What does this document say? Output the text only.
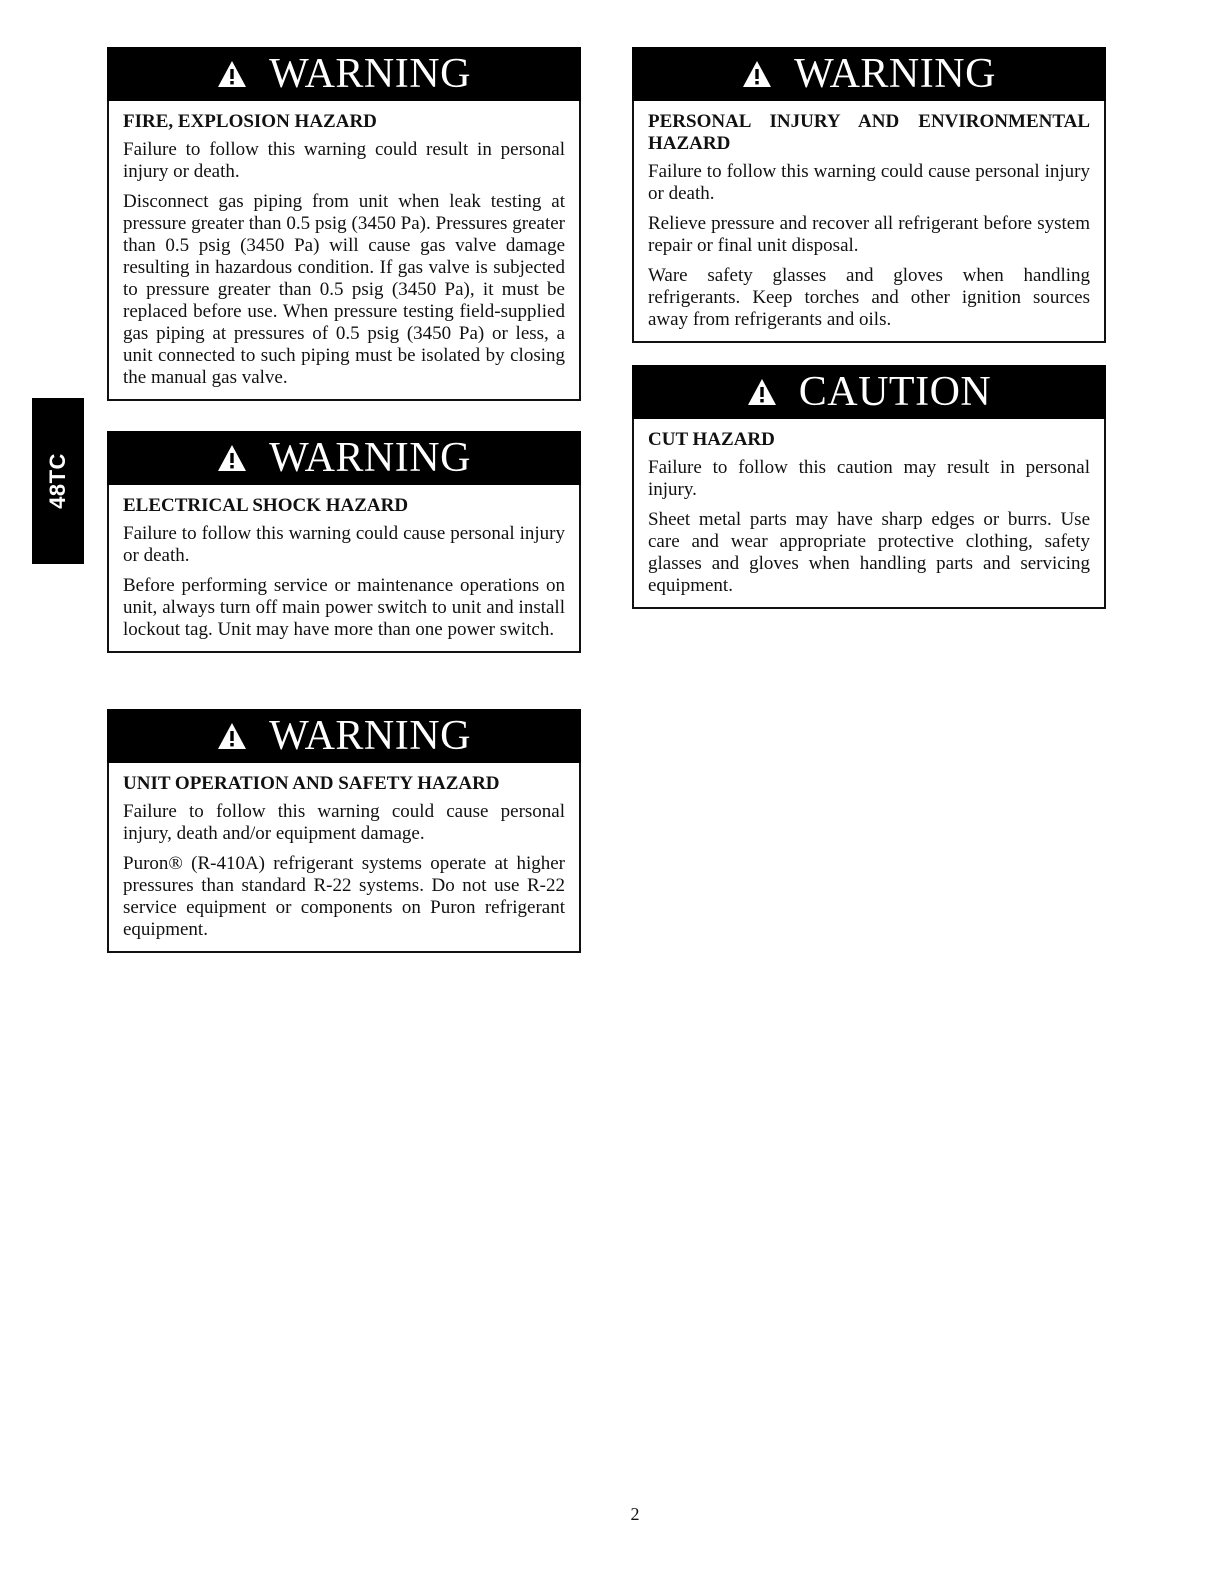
48TC
WARNING
FIRE, EXPLOSION HAZARD

Failure to follow this warning could result in personal injury or death.

Disconnect gas piping from unit when leak testing at pressure greater than 0.5 psig (3450 Pa). Pressures greater than 0.5 psig (3450 Pa) will cause gas valve damage resulting in hazardous condition. If gas valve is subjected to pressure greater than 0.5 psig (3450 Pa), it must be replaced before use. When pressure testing field-supplied gas piping at pressures of 0.5 psig (3450 Pa) or less, a unit connected to such piping must be isolated by closing the manual gas valve.

WARNING
ELECTRICAL SHOCK HAZARD

Failure to follow this warning could cause personal injury or death.

Before performing service or maintenance operations on unit, always turn off main power switch to unit and install lockout tag. Unit may have more than one power switch.

WARNING
UNIT OPERATION AND SAFETY HAZARD

Failure to follow this warning could cause personal injury, death and/or equipment damage.

Puron® (R-410A) refrigerant systems operate at higher pressures than standard R-22 systems. Do not use R-22 service equipment or components on Puron refrigerant equipment.

WARNING
PERSONAL INJURY AND ENVIRONMENTAL HAZARD

Failure to follow this warning could cause personal injury or death.

Relieve pressure and recover all refrigerant before system repair or final unit disposal.

Ware safety glasses and gloves when handling refrigerants. Keep torches and other ignition sources away from refrigerants and oils.

CAUTION
CUT HAZARD

Failure to follow this caution may result in personal injury.

Sheet metal parts may have sharp edges or burrs. Use care and wear appropriate protective clothing, safety glasses and gloves when handling parts and servicing equipment.

2
